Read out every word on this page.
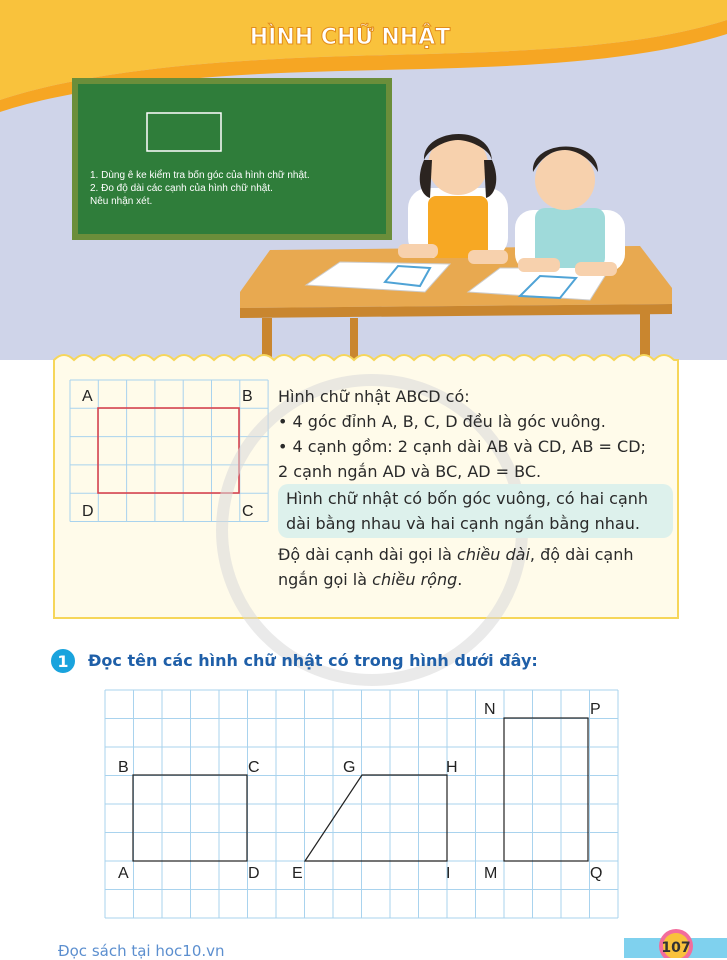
HÌNH CHỮ NHẬT
1. Dùng ê ke kiểm tra bốn góc của hình chữ nhật.
2. Đo độ dài các cạnh của hình chữ nhật.
Nêu nhận xét.
A	B
C
D
1
B	C
A	D
G	H
E	I
N	P
M	Q
107

Hình chữ nhật ABCD có:

• 4 góc đỉnh A, B, C, D đều là góc vuông.

• 4 cạnh gồm: 2 cạnh dài AB và CD, AB = CD;

2 cạnh ngắn AD và BC, AD = BC.

Hình chữ nhật có bốn góc vuông, có hai cạnh dài bằng nhau và hai cạnh ngắn bằng nhau.

Độ dài cạnh dài gọi là chiều dài, độ dài cạnh ngắn gọi là chiều rộng.

Đọc tên các hình chữ nhật có trong hình dưới đây:
Đọc sách tại hoc10.vn
